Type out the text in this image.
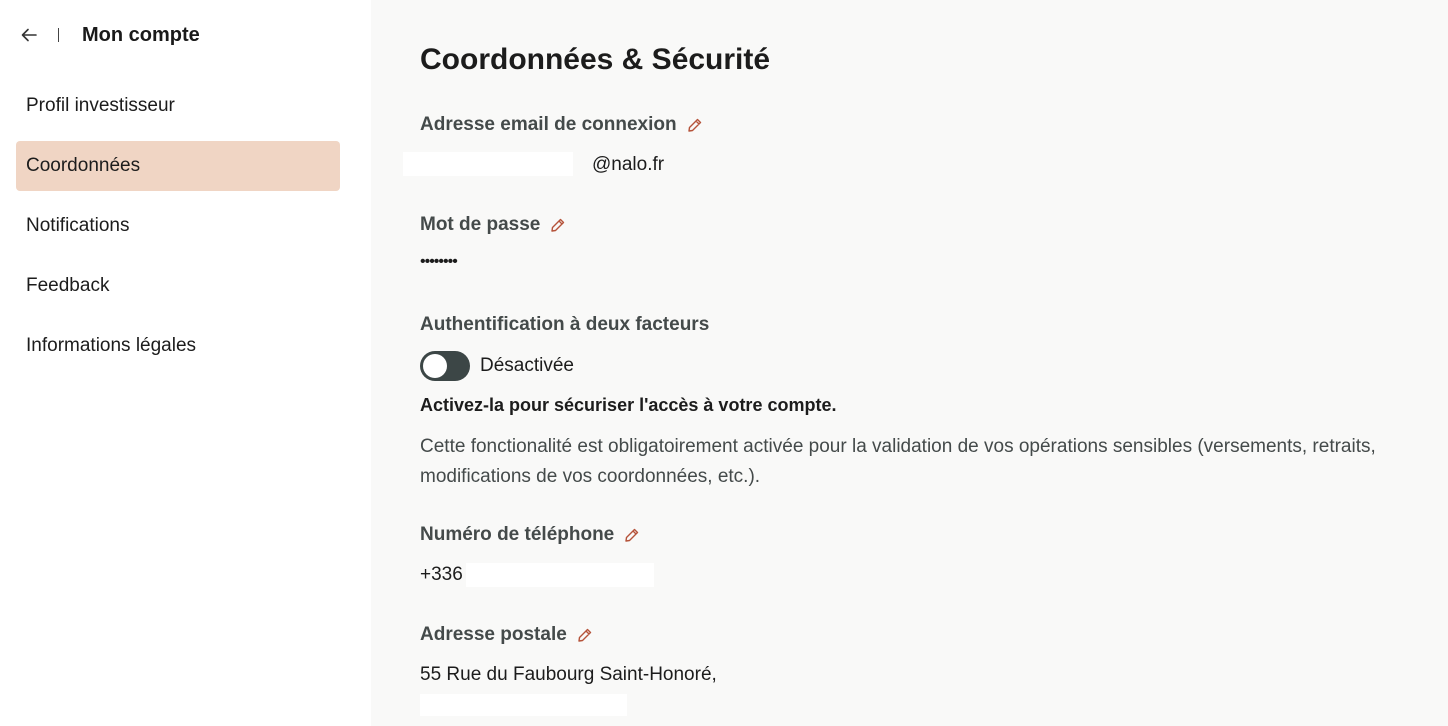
Mon compte
Profil investisseur
Coordonnées
Notifications
Feedback
Informations légales
Coordonnées & Sécurité
Adresse email de connexion
@nalo.fr
Mot de passe
••••••••
Authentification à deux facteurs
Désactivée
Activez-la pour sécuriser l'accès à votre compte.
Cette fonctionalité est obligatoirement activée pour la validation de vos opérations sensibles (versements, retraits, modifications de vos coordonnées, etc.).
Numéro de téléphone
+336
Adresse postale
55 Rue du Faubourg Saint-Honoré,
